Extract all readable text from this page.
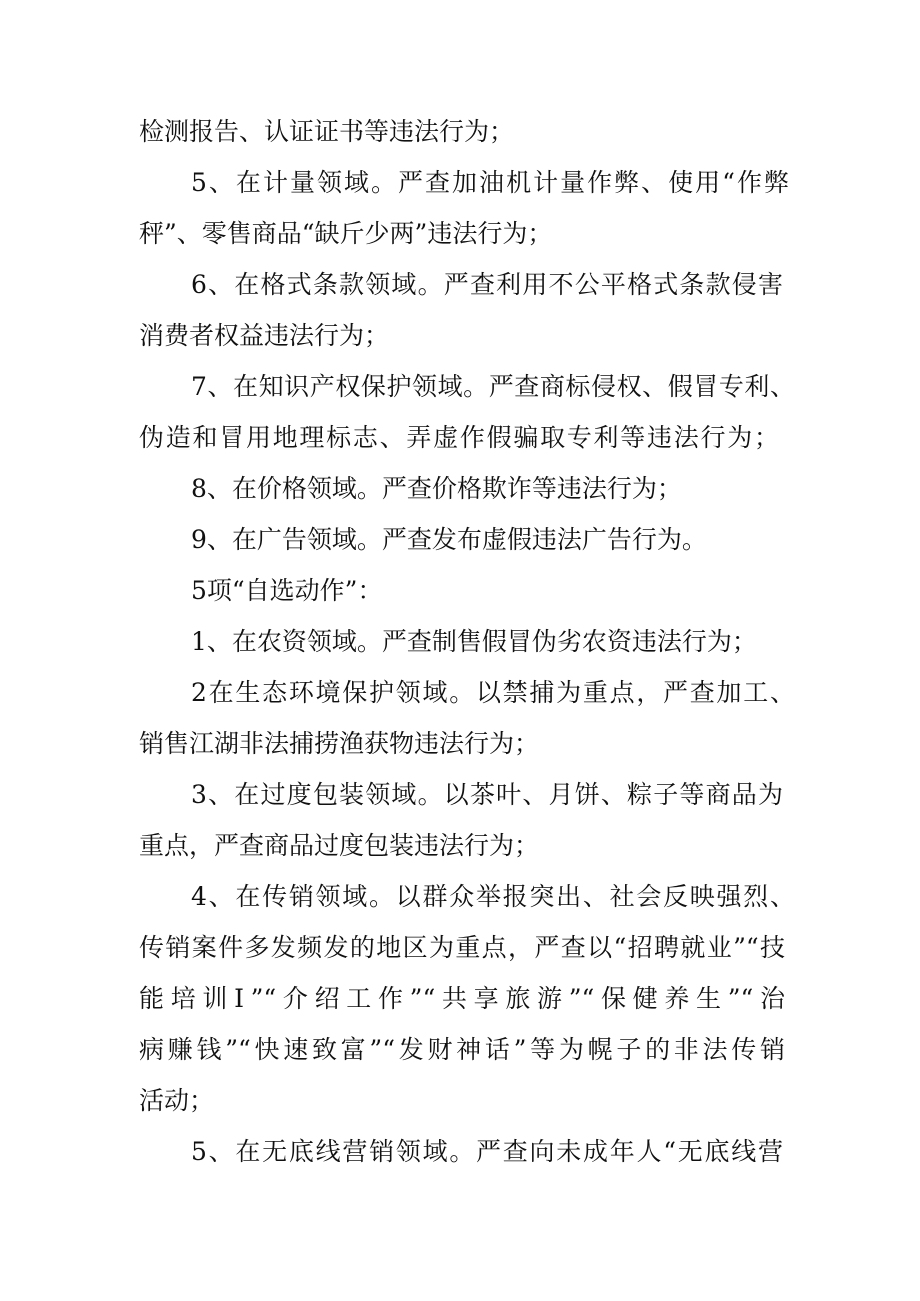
检测报告、认证证书等违法行为；
5、在计量领域。严查加油机计量作弊、使用“作弊
秤”、零售商品“缺斤少两”违法行为；
6、在格式条款领域。严查利用不公平格式条款侵害
消费者权益违法行为；
7、在知识产权保护领域。严查商标侵权、假冒专利、
伪造和冒用地理标志、弄虚作假骗取专利等违法行为；
8、在价格领域。严查价格欺诈等违法行为；
9、在广告领域。严查发布虚假违法广告行为。
5项“自选动作”：
1、在农资领域。严查制售假冒伪劣农资违法行为；
2在生态环境保护领域。以禁捕为重点，严查加工、
销售江湖非法捕捞渔获物违法行为；
3、在过度包装领域。以茶叶、月饼、粽子等商品为
重点，严查商品过度包装违法行为；
4、在传销领域。以群众举报突出、社会反映强烈、
传销案件多发频发的地区为重点，严查以“招聘就业”“技
能培训Ⅰ”“介绍工作”“共享旅游”“保健养生”“治
病赚钱”“快速致富”“发财神话”等为幌子的非法传销
活动；
5、在无底线营销领域。严查向未成年人“无底线营
